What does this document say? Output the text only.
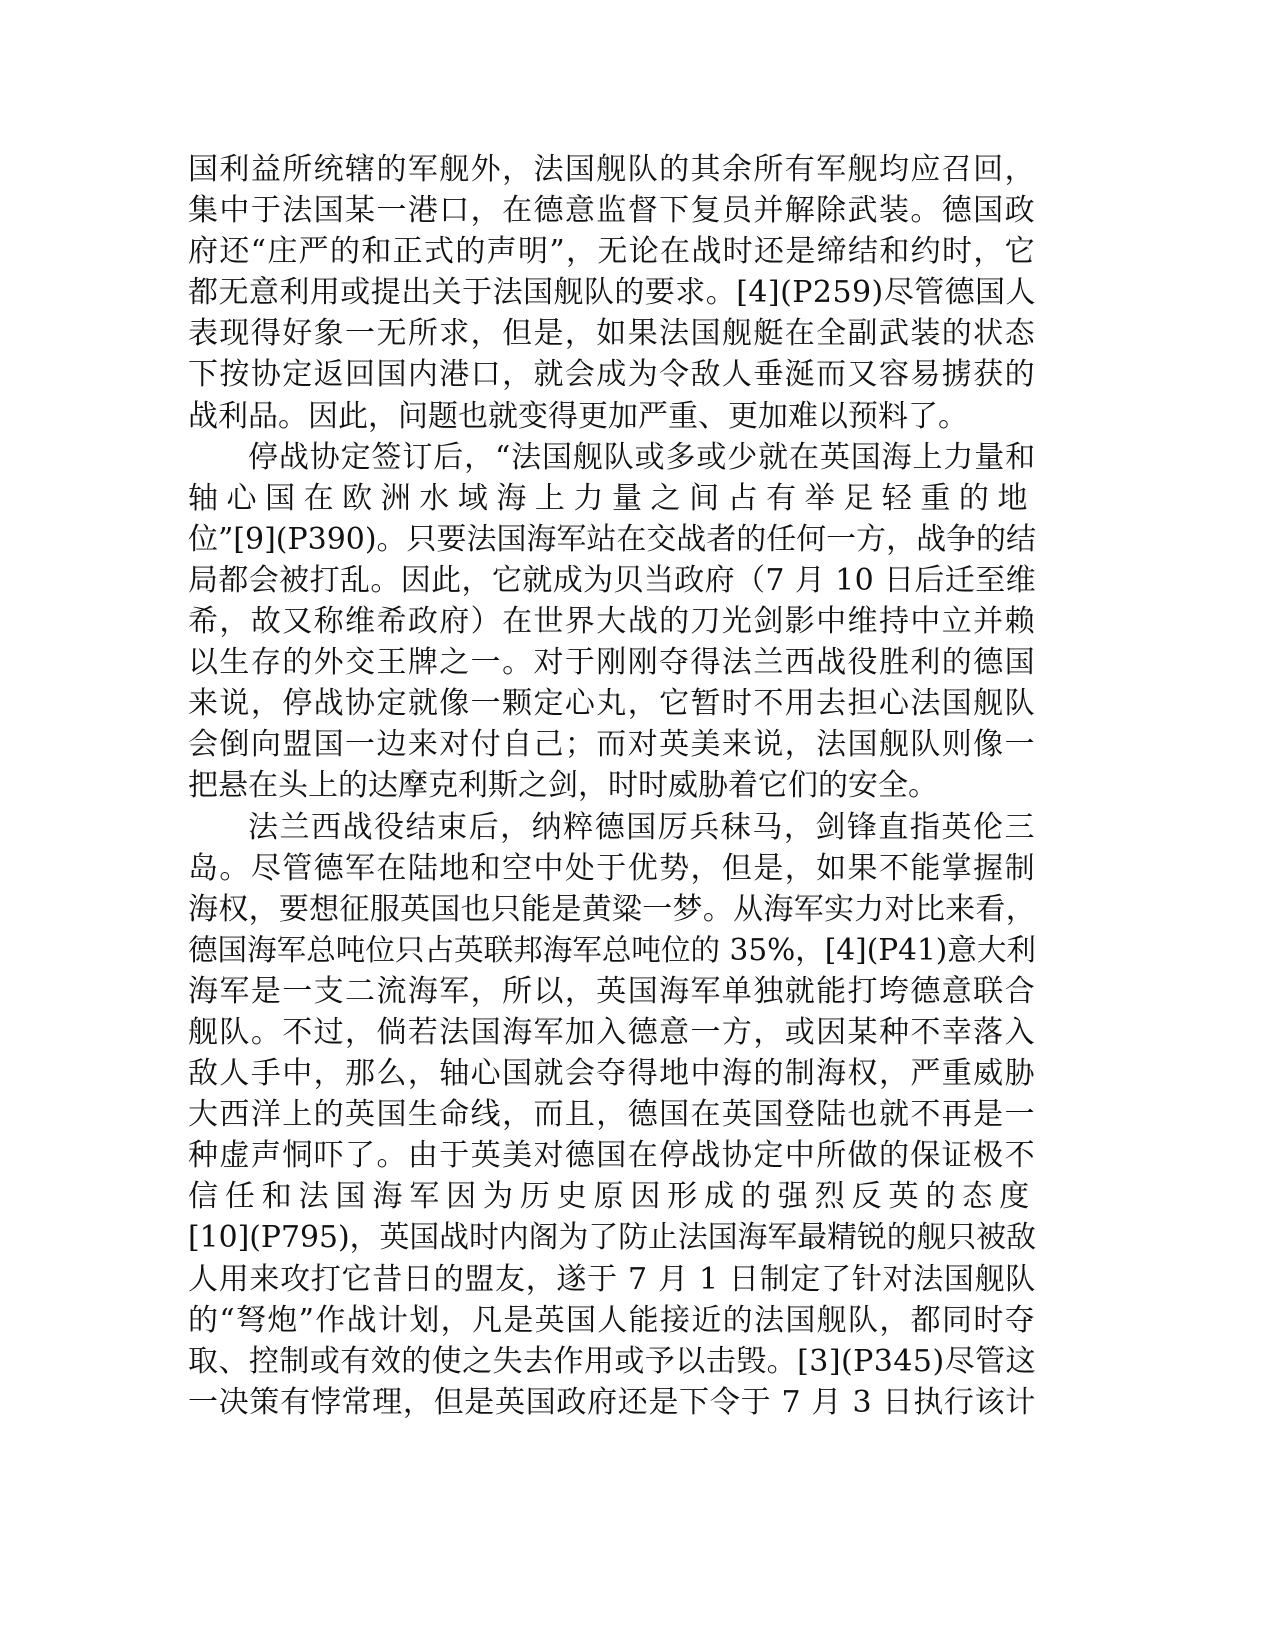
国利益所统辖的军舰外，法国舰队的其余所有军舰均应召回，
集中于法国某一港口，在德意监督下复员并解除武装。德国政
府还“庄严的和正式的声明”，无论在战时还是缔结和约时，它
都无意利用或提出关于法国舰队的要求。[4](P259)尽管德国人
表现得好象一无所求，但是，如果法国舰艇在全副武装的状态
下按协定返回国内港口，就会成为令敌人垂涎而又容易掳获的
战利品。因此，问题也就变得更加严重、更加难以预料了。
停战协定签订后，“法国舰队或多或少就在英国海上力量和
轴心国在欧洲水域海上力量之间占有举足轻重的地
位”[9](P390)。只要法国海军站在交战者的任何一方，战争的结
局都会被打乱。因此，它就成为贝当政府（7 月 10 日后迁至维
希，故又称维希政府）在世界大战的刀光剑影中维持中立并赖
以生存的外交王牌之一。对于刚刚夺得法兰西战役胜利的德国
来说，停战协定就像一颗定心丸，它暂时不用去担心法国舰队
会倒向盟国一边来对付自己；而对英美来说，法国舰队则像一
把悬在头上的达摩克利斯之剑，时时威胁着它们的安全。
法兰西战役结束后，纳粹德国厉兵秣马，剑锋直指英伦三
岛。尽管德军在陆地和空中处于优势，但是，如果不能掌握制
海权，要想征服英国也只能是黄粱一梦。从海军实力对比来看，
德国海军总吨位只占英联邦海军总吨位的 35%，[4](P41)意大利
海军是一支二流海军，所以，英国海军单独就能打垮德意联合
舰队。不过，倘若法国海军加入德意一方，或因某种不幸落入
敌人手中，那么，轴心国就会夺得地中海的制海权，严重威胁
大西洋上的英国生命线，而且，德国在英国登陆也就不再是一
种虚声恫吓了。由于英美对德国在停战协定中所做的保证极不
信任和法国海军因为历史原因形成的强烈反英的态度
[10](P795)，英国战时内阁为了防止法国海军最精锐的舰只被敌
人用来攻打它昔日的盟友，遂于 7 月 1 日制定了针对法国舰队
的“弩炮”作战计划，凡是英国人能接近的法国舰队，都同时夺
取、控制或有效的使之失去作用或予以击毁。[3](P345)尽管这
一决策有悖常理，但是英国政府还是下令于 7 月 3 日执行该计
